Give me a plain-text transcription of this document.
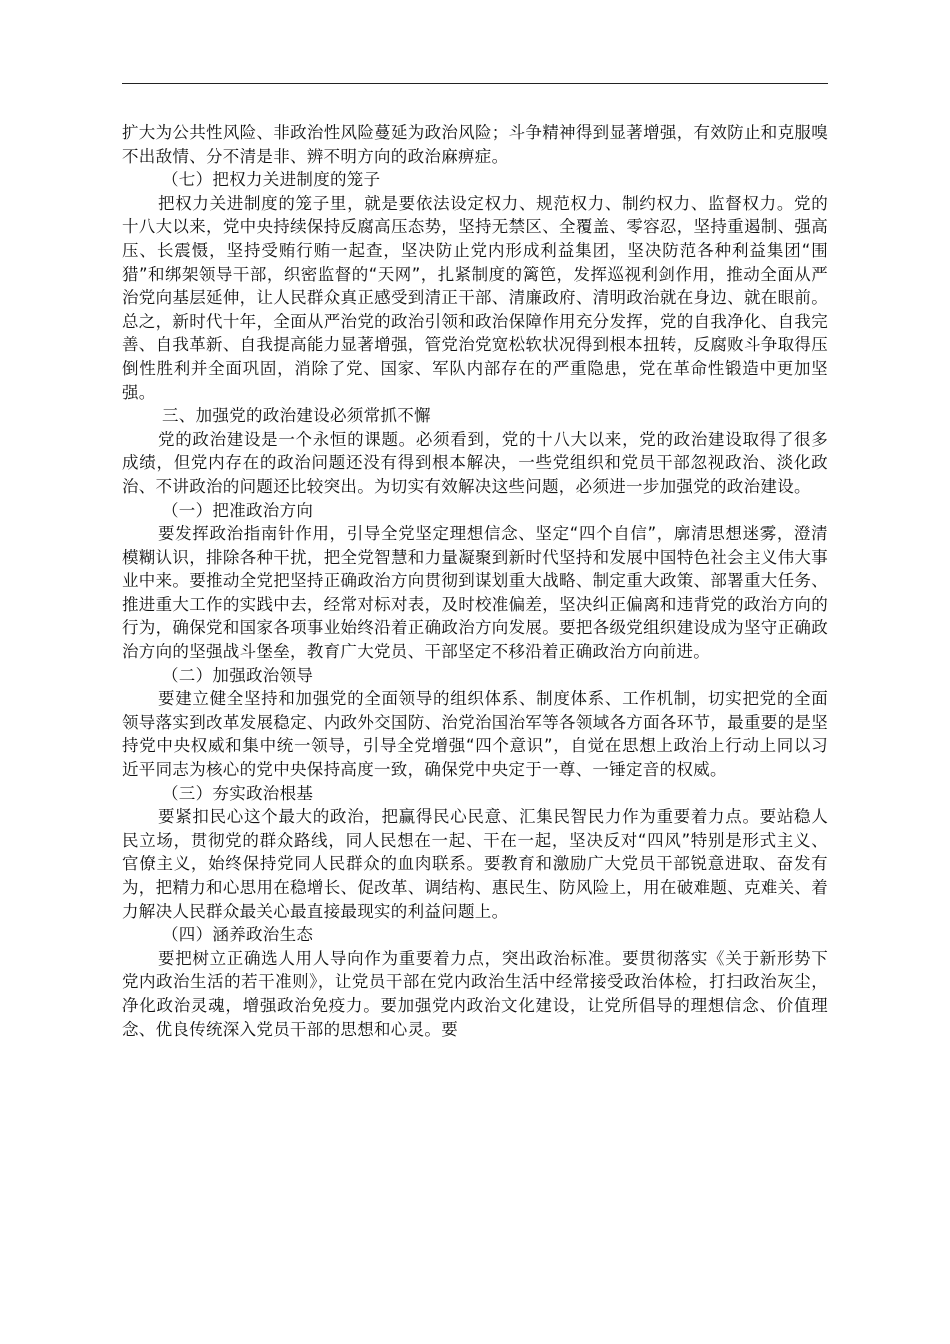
扩大为公共性风险、非政治性风险蔓延为政治风险；斗争精神得到显著增强，有效防止和克服嗅不出敌情、分不清是非、辨不明方向的政治麻痹症。

（七）把权力关进制度的笼子

把权力关进制度的笼子里，就是要依法设定权力、规范权力、制约权力、监督权力。党的十八大以来，党中央持续保持反腐高压态势，坚持无禁区、全覆盖、零容忍，坚持重遏制、强高压、长震慑，坚持受贿行贿一起查，坚决防止党内形成利益集团，坚决防范各种利益集团“围猎”和绑架领导干部，织密监督的“天网”，扎紧制度的篱笆，发挥巡视利剑作用，推动全面从严治党向基层延伸，让人民群众真正感受到清正干部、清廉政府、清明政治就在身边、就在眼前。总之，新时代十年，全面从严治党的政治引领和政治保障作用充分发挥，党的自我净化、自我完善、自我革新、自我提高能力显著增强，管党治党宽松软状况得到根本扭转，反腐败斗争取得压倒性胜利并全面巩固，消除了党、国家、军队内部存在的严重隐患，党在革命性锻造中更加坚强。

三、加强党的政治建设必须常抓不懈

党的政治建设是一个永恒的课题。必须看到，党的十八大以来，党的政治建设取得了很多成绩，但党内存在的政治问题还没有得到根本解决，一些党组织和党员干部忽视政治、淡化政治、不讲政治的问题还比较突出。为切实有效解决这些问题，必须进一步加强党的政治建设。

（一）把准政治方向

要发挥政治指南针作用，引导全党坚定理想信念、坚定“四个自信”，廓清思想迷雾，澄清模糊认识，排除各种干扰，把全党智慧和力量凝聚到新时代坚持和发展中国特色社会主义伟大事业中来。要推动全党把坚持正确政治方向贯彻到谋划重大战略、制定重大政策、部署重大任务、推进重大工作的实践中去，经常对标对表，及时校准偏差，坚决纠正偏离和违背党的政治方向的行为，确保党和国家各项事业始终沿着正确政治方向发展。要把各级党组织建设成为坚守正确政治方向的坚强战斗堡垒，教育广大党员、干部坚定不移沿着正确政治方向前进。

（二）加强政治领导

要建立健全坚持和加强党的全面领导的组织体系、制度体系、工作机制，切实把党的全面领导落实到改革发展稳定、内政外交国防、治党治国治军等各领域各方面各环节，最重要的是坚持党中央权威和集中统一领导，引导全党增强“四个意识”，自觉在思想上政治上行动上同以习近平同志为核心的党中央保持高度一致，确保党中央定于一尊、一锤定音的权威。

（三）夯实政治根基

要紧扣民心这个最大的政治，把赢得民心民意、汇集民智民力作为重要着力点。要站稳人民立场，贯彻党的群众路线，同人民想在一起、干在一起，坚决反对“四风”特别是形式主义、官僚主义，始终保持党同人民群众的血肉联系。要教育和激励广大党员干部锐意进取、奋发有为，把精力和心思用在稳增长、促改革、调结构、惠民生、防风险上，用在破难题、克难关、着力解决人民群众最关心最直接最现实的利益问题上。

（四）涵养政治生态

要把树立正确选人用人导向作为重要着力点，突出政治标准。要贯彻落实《关于新形势下党内政治生活的若干准则》，让党员干部在党内政治生活中经常接受政治体检，打扫政治灰尘，净化政治灵魂，增强政治免疫力。要加强党内政治文化建设，让党所倡导的理想信念、价值理念、优良传统深入党员干部的思想和心灵。要
